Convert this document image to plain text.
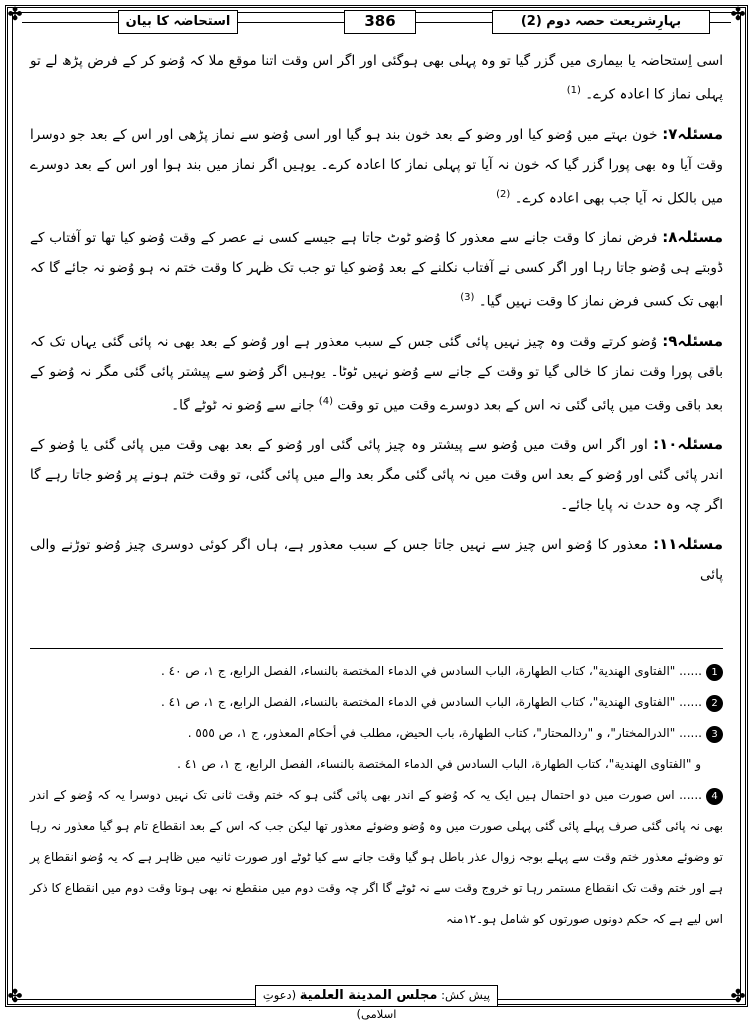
✤	✤
✤	✤
استحاضہ کا بیان	386	بہارِشریعت حصہ دوم (2)

اسی اِستحاضہ یا بیماری میں گزر گیا تو وہ پہلی بھی ہوگئی اور اگر اس وقت اتنا موقع ملا کہ وُضو کر کے فرض پڑھ لے تو پہلی نماز کا اعادہ کرے۔ $^{(1)}$

مسئلہ۷: خون بہتے میں وُضو کیا اور وضو کے بعد خون بند ہو گیا اور اسی وُضو سے نماز پڑھی اور اس کے بعد جو دوسرا وقت آیا وہ بھی پورا گزر گیا کہ خون نہ آیا تو پہلی نماز کا اعادہ کرے۔ یوہیں اگر نماز میں بند ہوا اور اس کے بعد دوسرے میں بالکل نہ آیا جب بھی اعادہ کرے۔ $^{(2)}$

مسئلہ۸: فرض نماز کا وقت جانے سے معذور کا وُضو ٹوٹ جاتا ہے جیسے کسی نے عصر کے وقت وُضو کیا تھا تو آفتاب کے ڈوبتے ہی وُضو جاتا رہا اور اگر کسی نے آفتاب نکلنے کے بعد وُضو کیا تو جب تک ظہر کا وقت ختم نہ ہو وُضو نہ جائے گا کہ ابھی تک کسی فرض نماز کا وقت نہیں گیا۔ $^{(3)}$

مسئلہ۹: وُضو کرتے وقت وہ چیز نہیں پائی گئی جس کے سبب معذور ہے اور وُضو کے بعد بھی نہ پائی گئی یہاں تک کہ باقی پورا وقت نماز کا خالی گیا تو وقت کے جانے سے وُضو نہیں ٹوٹا۔ یوہیں اگر وُضو سے پیشتر پائی گئی مگر نہ وُضو کے بعد باقی وقت میں پائی گئی نہ اس کے بعد دوسرے وقت میں تو وقت $^{(4)}$ جانے سے وُضو نہ ٹوٹے گا۔

مسئلہ۱۰: اور اگر اس وقت میں وُضو سے پیشتر وہ چیز پائی گئی اور وُضو کے بعد بھی وقت میں پائی گئی یا وُضو کے اندر پائی گئی اور وُضو کے بعد اس وقت میں نہ پائی گئی مگر بعد والے میں پائی گئی، تو وقت ختم ہونے پر وُضو جاتا رہے گا اگر چہ وہ حدث نہ پایا جائے۔

مسئلہ۱۱: معذور کا وُضو اس چیز سے نہیں جاتا جس کے سبب معذور ہے، ہاں اگر کوئی دوسری چیز وُضو توڑنے والی پائی

1...... "الفتاوى الهندية"، كتاب الطهارة، الباب السادس في الدماء المختصة بالنساء، الفصل الرابع، ج ١، ص ٤٠ .

2...... "الفتاوى الهندية"، كتاب الطهارة، الباب السادس في الدماء المختصة بالنساء، الفصل الرابع، ج ١، ص ٤١ .

3...... "الدرالمختار"، و "ردالمحتار"، كتاب الطهارة، باب الحيض، مطلب في أحكام المعذور، ج ١، ص ٥٥٥ .

و "الفتاوى الهندية"، كتاب الطهارة، الباب السادس في الدماء المختصة بالنساء، الفصل الرابع، ج ١، ص ٤١ .

4...... اس صورت میں دو احتمال ہیں ایک یہ کہ وُضو کے اندر بھی پائی گئی ہو کہ ختم وقت ثانی تک نہیں دوسرا یہ کہ وُضو کے اندر بھی نہ پائی گئی صرف پہلے پائی گئی پہلی صورت میں وہ وُضو وضوئے معذور تھا لیکن جب کہ اس کے بعد انقطاع تام ہو گیا معذور نہ رہا تو وضوئے معذور ختم وقت سے پہلے بوجہ زوال عذر باطل ہو گیا وقت جانے سے کیا ٹوٹے اور صورت ثانیہ میں ظاہر ہے کہ یہ وُضو انقطاع پر ہے اور ختم وقت تک انقطاع مستمر رہا تو خروج وقت سے نہ ٹوٹے گا اگر چہ وقت دوم میں منقطع نہ بھی ہوتا وقت دوم میں انقطاع کا ذکر اس لیے ہے کہ حکم دونوں صورتوں کو شامل ہو۔۱۲منہ

پیش کش: مجلس المدينة العلمية (دعوتِ اسلامی)
